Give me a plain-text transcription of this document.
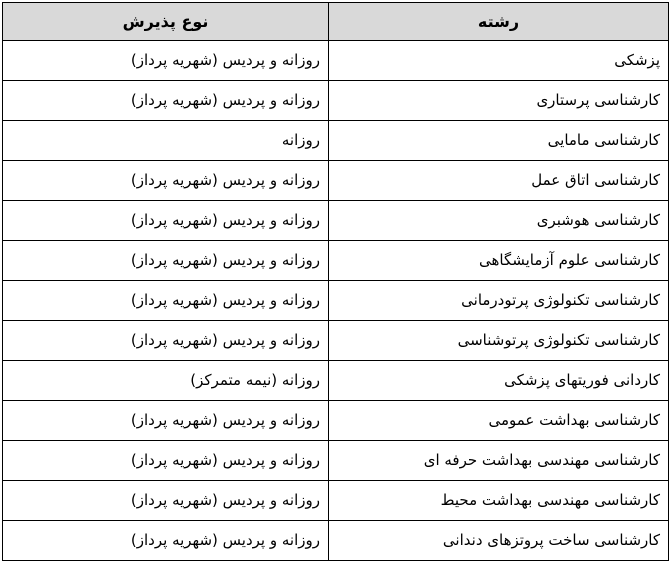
رشته	نوع پذیرش
پزشکی	روزانه و پردیس (شهریه پرداز)
کارشناسی پرستاری	روزانه و پردیس (شهریه پرداز)
کارشناسی مامایی	روزانه
کارشناسی اتاق عمل	روزانه و پردیس (شهریه پرداز)
کارشناسی هوشبری	روزانه و پردیس (شهریه پرداز)
کارشناسی علوم آزمایشگاهی	روزانه و پردیس (شهریه پرداز)
کارشناسی تکنولوژی پرتودرمانی	روزانه و پردیس (شهریه پرداز)
کارشناسی تکنولوژی پرتوشناسی	روزانه و پردیس (شهریه پرداز)
کاردانی فوریتهای پزشکی	روزانه (نیمه متمرکز)
کارشناسی بهداشت عمومی	روزانه و پردیس (شهریه پرداز)
کارشناسی مهندسی بهداشت حرفه ای	روزانه و پردیس (شهریه پرداز)
کارشناسی مهندسی بهداشت محیط	روزانه و پردیس (شهریه پرداز)
کارشناسی ساخت پروتزهای دندانی	روزانه و پردیس (شهریه پرداز)
